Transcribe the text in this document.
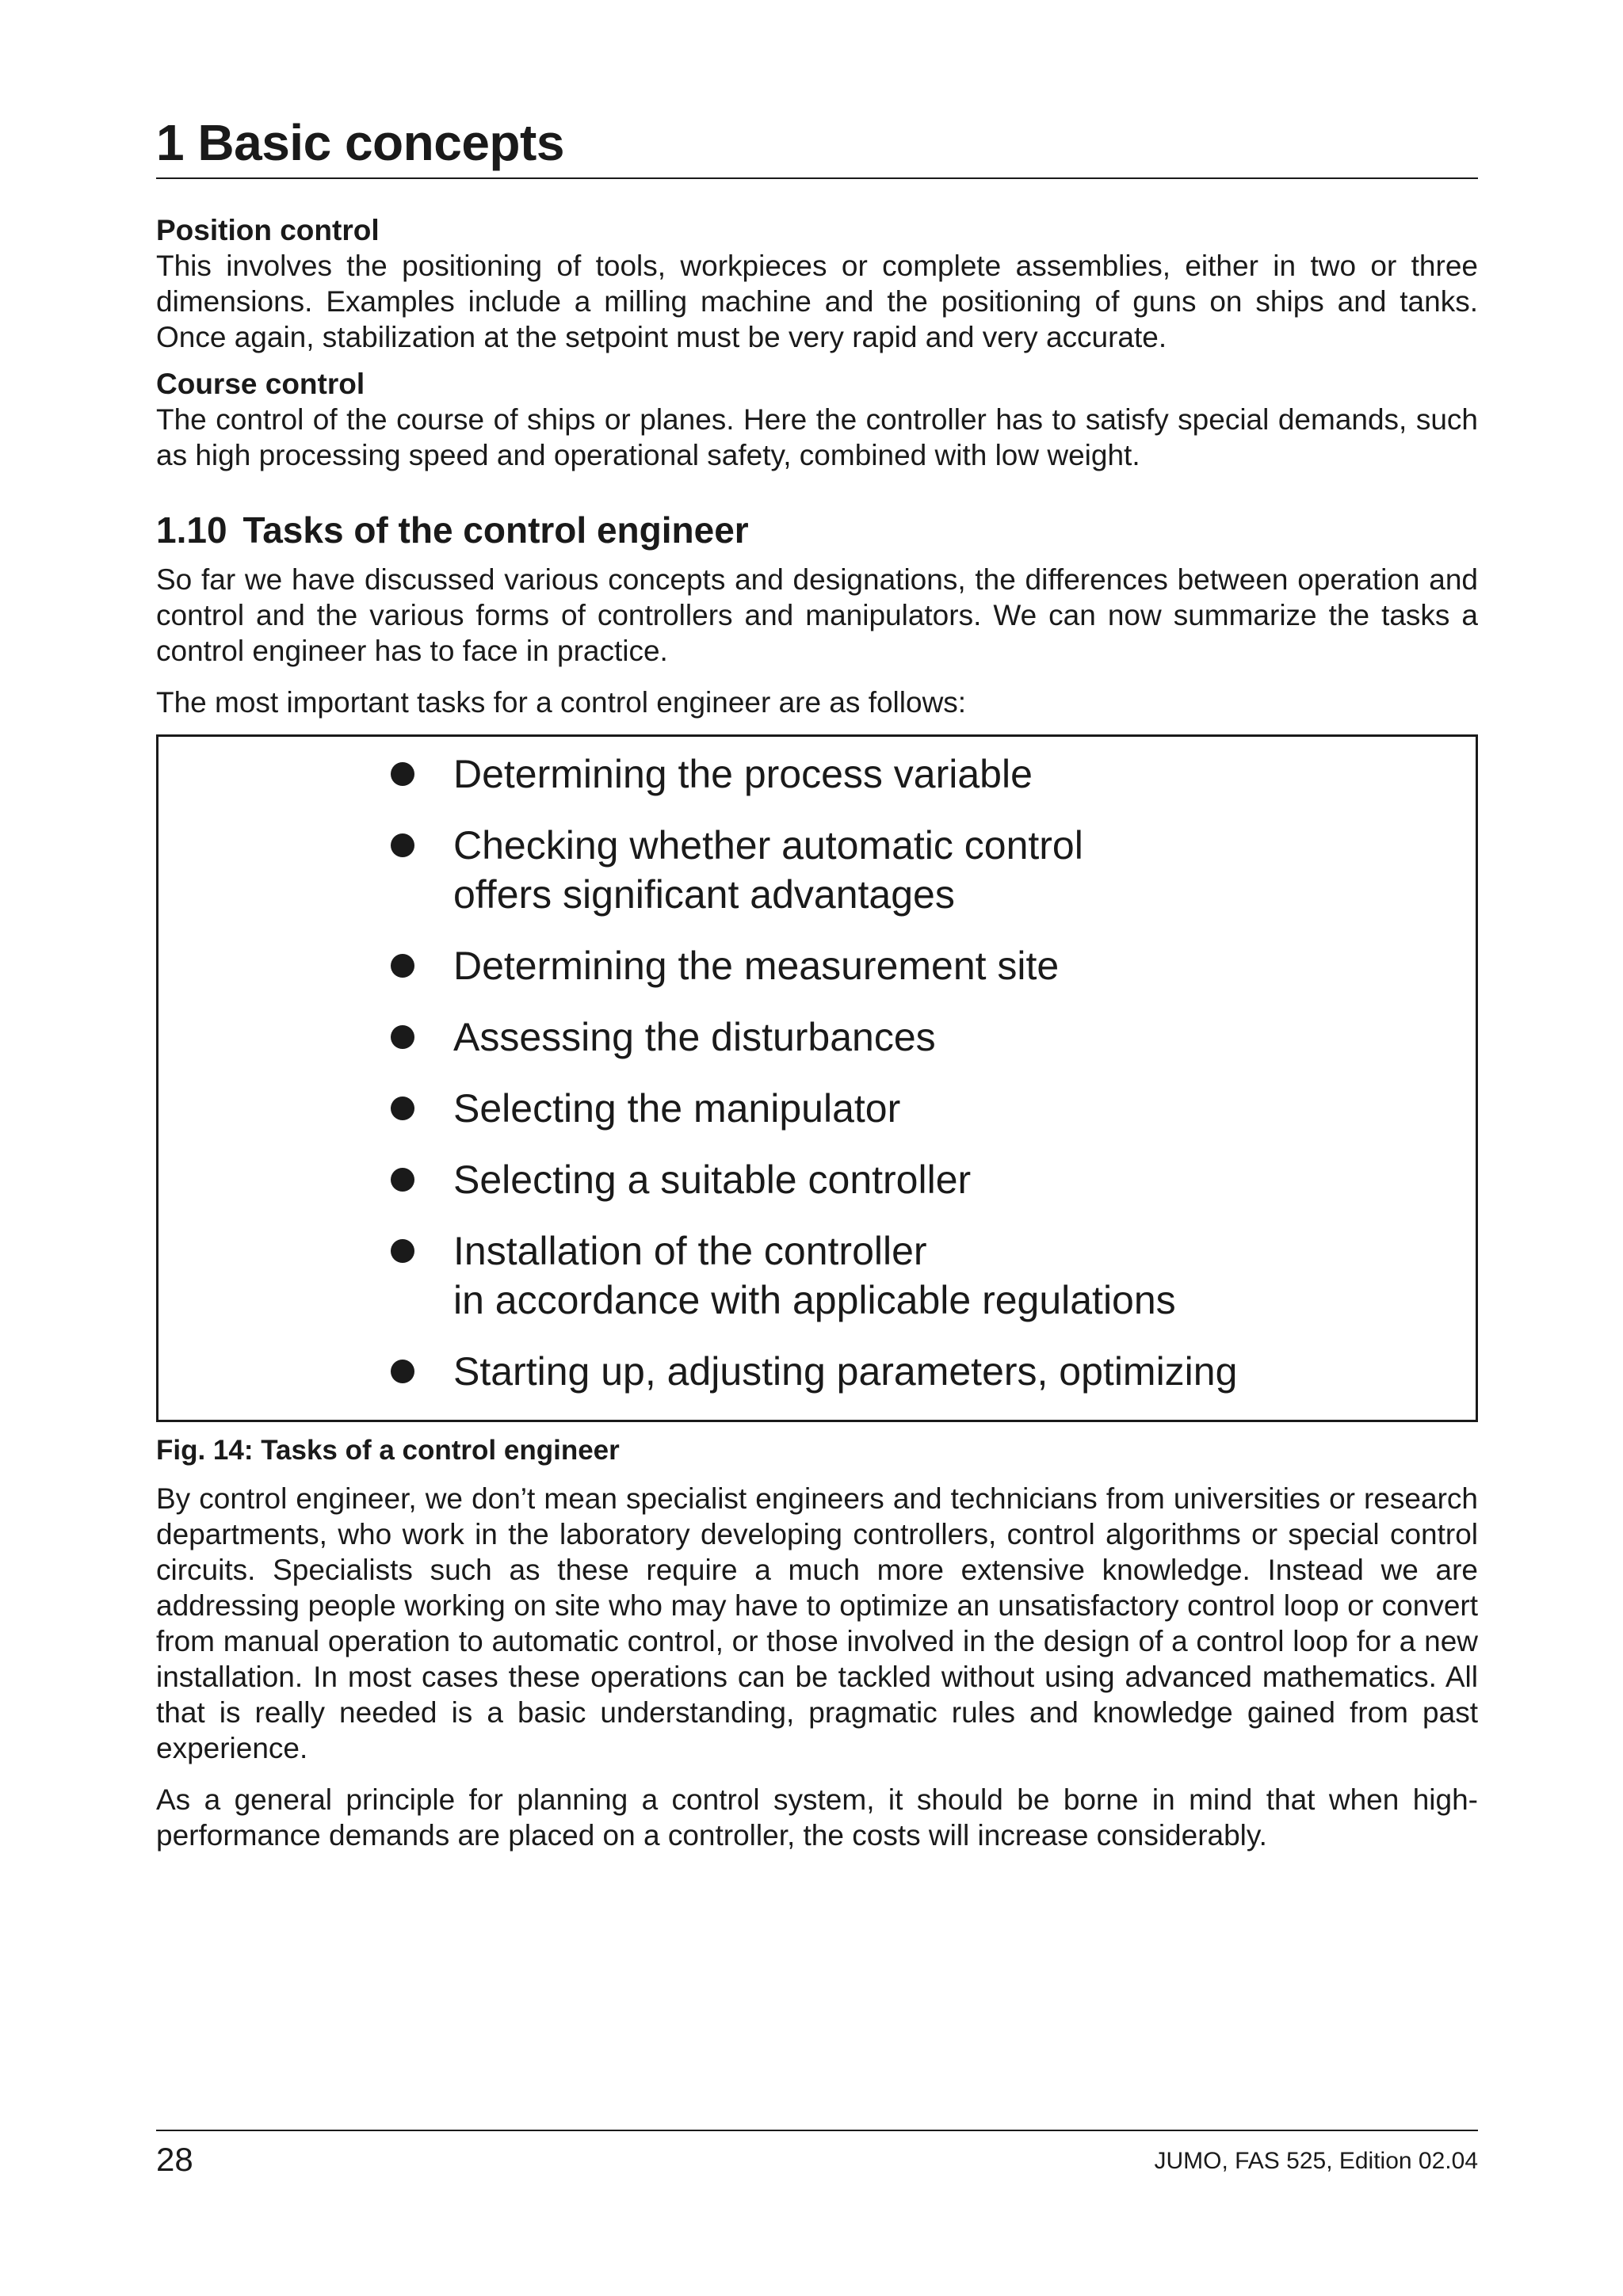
1 Basic concepts

Position control

This involves the positioning of tools, workpieces or complete assemblies, either in two or three dimensions. Examples include a milling machine and the positioning of guns on ships and tanks. Once again, stabilization at the setpoint must be very rapid and very accurate.

Course control

The control of the course of ships or planes. Here the controller has to satisfy special demands, such as high processing speed and operational safety, combined with low weight.

1.10 Tasks of the control engineer

So far we have discussed various concepts and designations, the differences between operation and control and the various forms of controllers and manipulators. We can now summarize the tasks a control engineer has to face in practice.

The most important tasks for a control engineer are as follows:

Determining the process variable
Checking whether automatic control
offers significant advantages
Determining the measurement site
Assessing the disturbances
Selecting the manipulator
Selecting a suitable controller
Installation of the controller
in accordance with applicable regulations
Starting up, adjusting parameters, optimizing

Fig. 14: Tasks of a control engineer

By control engineer, we don’t mean specialist engineers and technicians from universities or research departments, who work in the laboratory developing controllers, control algorithms or special control circuits. Specialists such as these require a much more extensive knowledge. Instead we are addressing people working on site who may have to optimize an unsatisfactory control loop or convert from manual operation to automatic control, or those involved in the design of a control loop for a new installation. In most cases these operations can be tackled without using advanced mathematics. All that is really needed is a basic understanding, pragmatic rules and knowledge gained from past experience.

As a general principle for planning a control system, it should be borne in mind that when high-performance demands are placed on a controller, the costs will increase considerably.

28	JUMO, FAS 525, Edition 02.04
